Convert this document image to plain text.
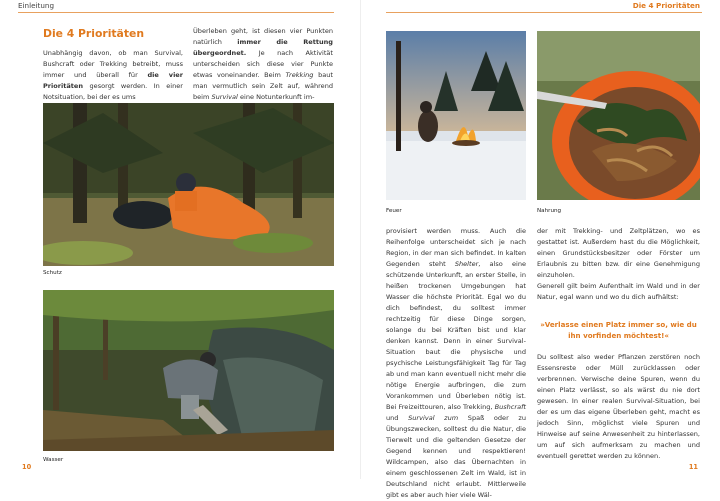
Einleitung	Die 4 Prioritäten
Die 4 Prioritäten
Unabhängig davon, ob man Survival, Bushcraft oder Trekking betreibt, muss immer und überall für die vier Prioritäten gesorgt werden. In einer Notsituation, bei der es ums
Überleben geht, ist diesen vier Punkten natürlich immer die Rettung übergeordnet. Je nach Aktivität unterscheiden sich diese vier Punkte etwas voneinander. Beim Trekking baut man vermutlich sein Zelt auf, während beim Survival eine Notunterkunft im-
Schutz
Wasser
10
Feuer	Nahrung
provisiert werden muss. Auch die Reihenfolge unterscheidet sich je nach Region, in der man sich befindet. In kalten Gegenden steht Shelter, also eine schützende Unterkunft, an erster Stelle, in heißen trockenen Umgebungen hat Wasser die höchste Priorität. Egal wo du dich befindest, du solltest immer rechtzeitig für diese Dinge sorgen, solange du bei Kräften bist und klar denken kannst. Denn in einer Survival-Situation baut die physische und psychische Leistungsfähigkeit Tag für Tag ab und man kann eventuell nicht mehr die nötige Energie aufbringen, die zum Vorankommen und Überleben nötig ist. Bei Freizeittouren, also Trekking, Bushcraft und Survival zum Spaß oder zu Übungszwecken, solltest du die Natur, die Tierwelt und die geltenden Gesetze der Gegend kennen und respektieren! Wildcampen, also das Übernachten in einem geschlossenen Zelt im Wald, ist in Deutschland nicht erlaubt. Mittlerweile gibt es aber auch hier viele Wäl-
der mit Trekking- und Zeltplätzen, wo es gestattet ist. Außerdem hast du die Möglichkeit, einen Grundstücksbesitzer oder Förster um Erlaubnis zu bitten bzw. dir eine Genehmigung einzuholen.
Generell gilt beim Aufenthalt im Wald und in der Natur, egal wann und wo du dich aufhältst:
»Verlasse einen Platz immer so, wie du ihn vorfinden möchtest!«
Du solltest also weder Pflanzen zerstören noch Essensreste oder Müll zurücklassen oder verbrennen. Verwische deine Spuren, wenn du einen Platz verlässt, so als wärst du nie dort gewesen. In einer realen Survival-Situation, bei der es um das eigene Überleben geht, macht es jedoch Sinn, möglichst viele Spuren und Hinweise auf seine Anwesenheit zu hinterlassen, um auf sich aufmerksam zu machen und eventuell gerettet werden zu können.
11
